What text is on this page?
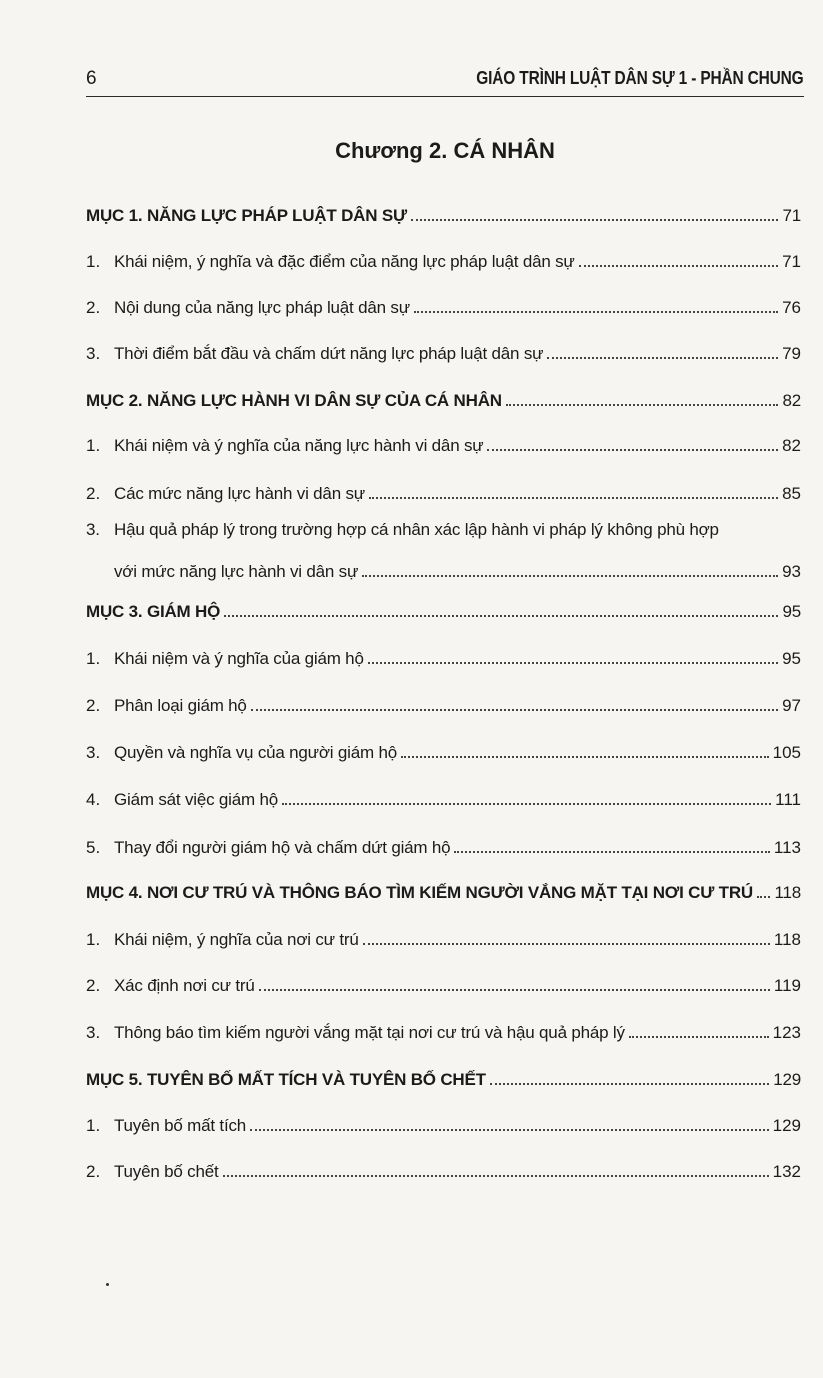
6	GIÁO TRÌNH LUẬT DÂN SỰ 1 - PHẦN CHUNG
Chương 2. CÁ NHÂN
MỤC 1. NĂNG LỰC PHÁP LUẬT DÂN SỰ	71
1. Khái niệm, ý nghĩa và đặc điểm của năng lực pháp luật dân sự	71
2. Nội dung của năng lực pháp luật dân sự	76
3. Thời điểm bắt đầu và chấm dứt năng lực pháp luật dân sự	79
MỤC 2. NĂNG LỰC HÀNH VI DÂN SỰ CỦA CÁ NHÂN	82
1. Khái niệm và ý nghĩa của năng lực hành vi dân sự	82
2. Các mức năng lực hành vi dân sự	85
3. Hậu quả pháp lý trong trường hợp cá nhân xác lập hành vi pháp lý không phù hợp
với mức năng lực hành vi dân sự	93
MỤC 3. GIÁM HỘ	95
1. Khái niệm và ý nghĩa của giám hộ	95
2. Phân loại giám hộ	97
3. Quyền và nghĩa vụ của người giám hộ	105
4. Giám sát việc giám hộ	111
5. Thay đổi người giám hộ và chấm dứt giám hộ	113
MỤC 4. NƠI CƯ TRÚ VÀ THÔNG BÁO TÌM KIẾM NGƯỜI VẮNG MẶT TẠI NƠI CƯ TRÚ 118
1. Khái niệm, ý nghĩa của nơi cư trú	118
2. Xác định nơi cư trú	119
3. Thông báo tìm kiếm người vắng mặt tại nơi cư trú và hậu quả pháp lý	123
MỤC 5. TUYÊN BỐ MẤT TÍCH VÀ TUYÊN BỐ CHẾT	129
1. Tuyên bố mất tích	129
2. Tuyên bố chết	132
